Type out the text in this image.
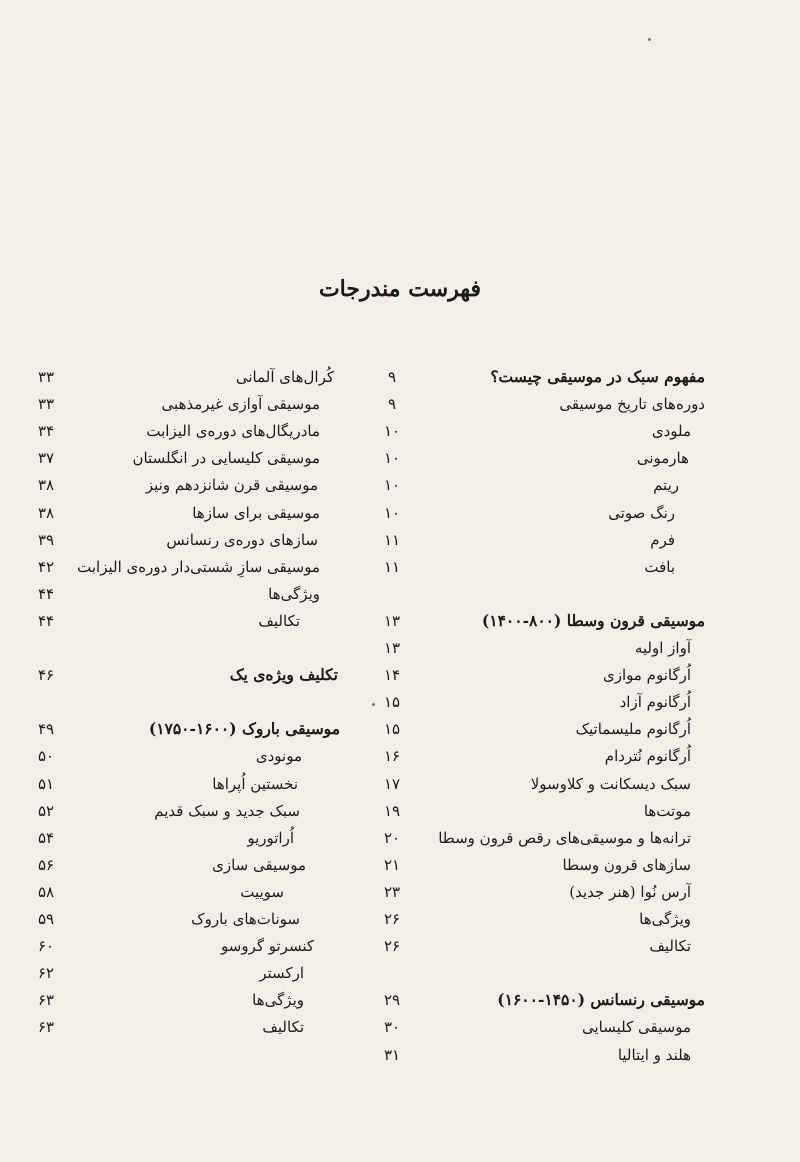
فهرست مندرجات
مفهوم سبک در موسیقی چیست؟
۹
دوره‌های تاریخ موسیقی
۹
ملودی
۱۰
هارمونی
۱۰
ریتم
۱۰
رنگ صوتی
۱۰
فرم
۱۱
بافت
۱۱
موسیقی قرون وسطا (۸۰۰-۱۴۰۰)
۱۳
آواز اولیه
۱۳
اُرگانوم موازی
۱۴
اُرگانوم آزاد
۱۵
اُرگانوم ملیسماتیک
۱۵
اُرگانوم نُتردام
۱۶
سبک دیسکانت و کلاوسولا
۱۷
موتت‌ها
۱۹
ترانه‌ها و موسیقی‌های رقص قرون وسطا
۲۰
سازهای قرون وسطا
۲۱
آرس نُوا (هنر جدید)
۲۳
ویژگی‌ها
۲۶
تکالیف
۲۶
موسیقی رنسانس (۱۴۵۰-۱۶۰۰)
۲۹
موسیقی کلیسایی
۳۰
هلند و ایتالیا
۳۱
کُرال‌های آلمانی
۳۳
موسیقی آوازی غیرمذهبی
۳۳
مادریگال‌های دوره‌ی الیزابت
۳۴
موسیقی کلیسایی در انگلستان
۳۷
موسیقی قرن شانزدهم ونیز
۳۸
موسیقی برای سازها
۳۸
سازهای دوره‌ی رنسانس
۳۹
موسیقی سازِ شستی‌دار دوره‌ی الیزابت
۴۲
ویژگی‌ها
۴۴
تکالیف
۴۴
تکلیف ویژه‌ی یک
۴۶
موسیقی باروک (۱۶۰۰-۱۷۵۰)
۴۹
مونودی
۵۰
نخستین اُپراها
۵۱
سبک جدید و سبک قدیم
۵۲
اُراتوریو
۵۴
موسیقی سازی
۵۶
سوییت
۵۸
سونات‌های باروک
۵۹
کنسرتو گروسو
۶۰
ارکستر
۶۲
ویژگی‌ها
۶۳
تکالیف
۶۳
